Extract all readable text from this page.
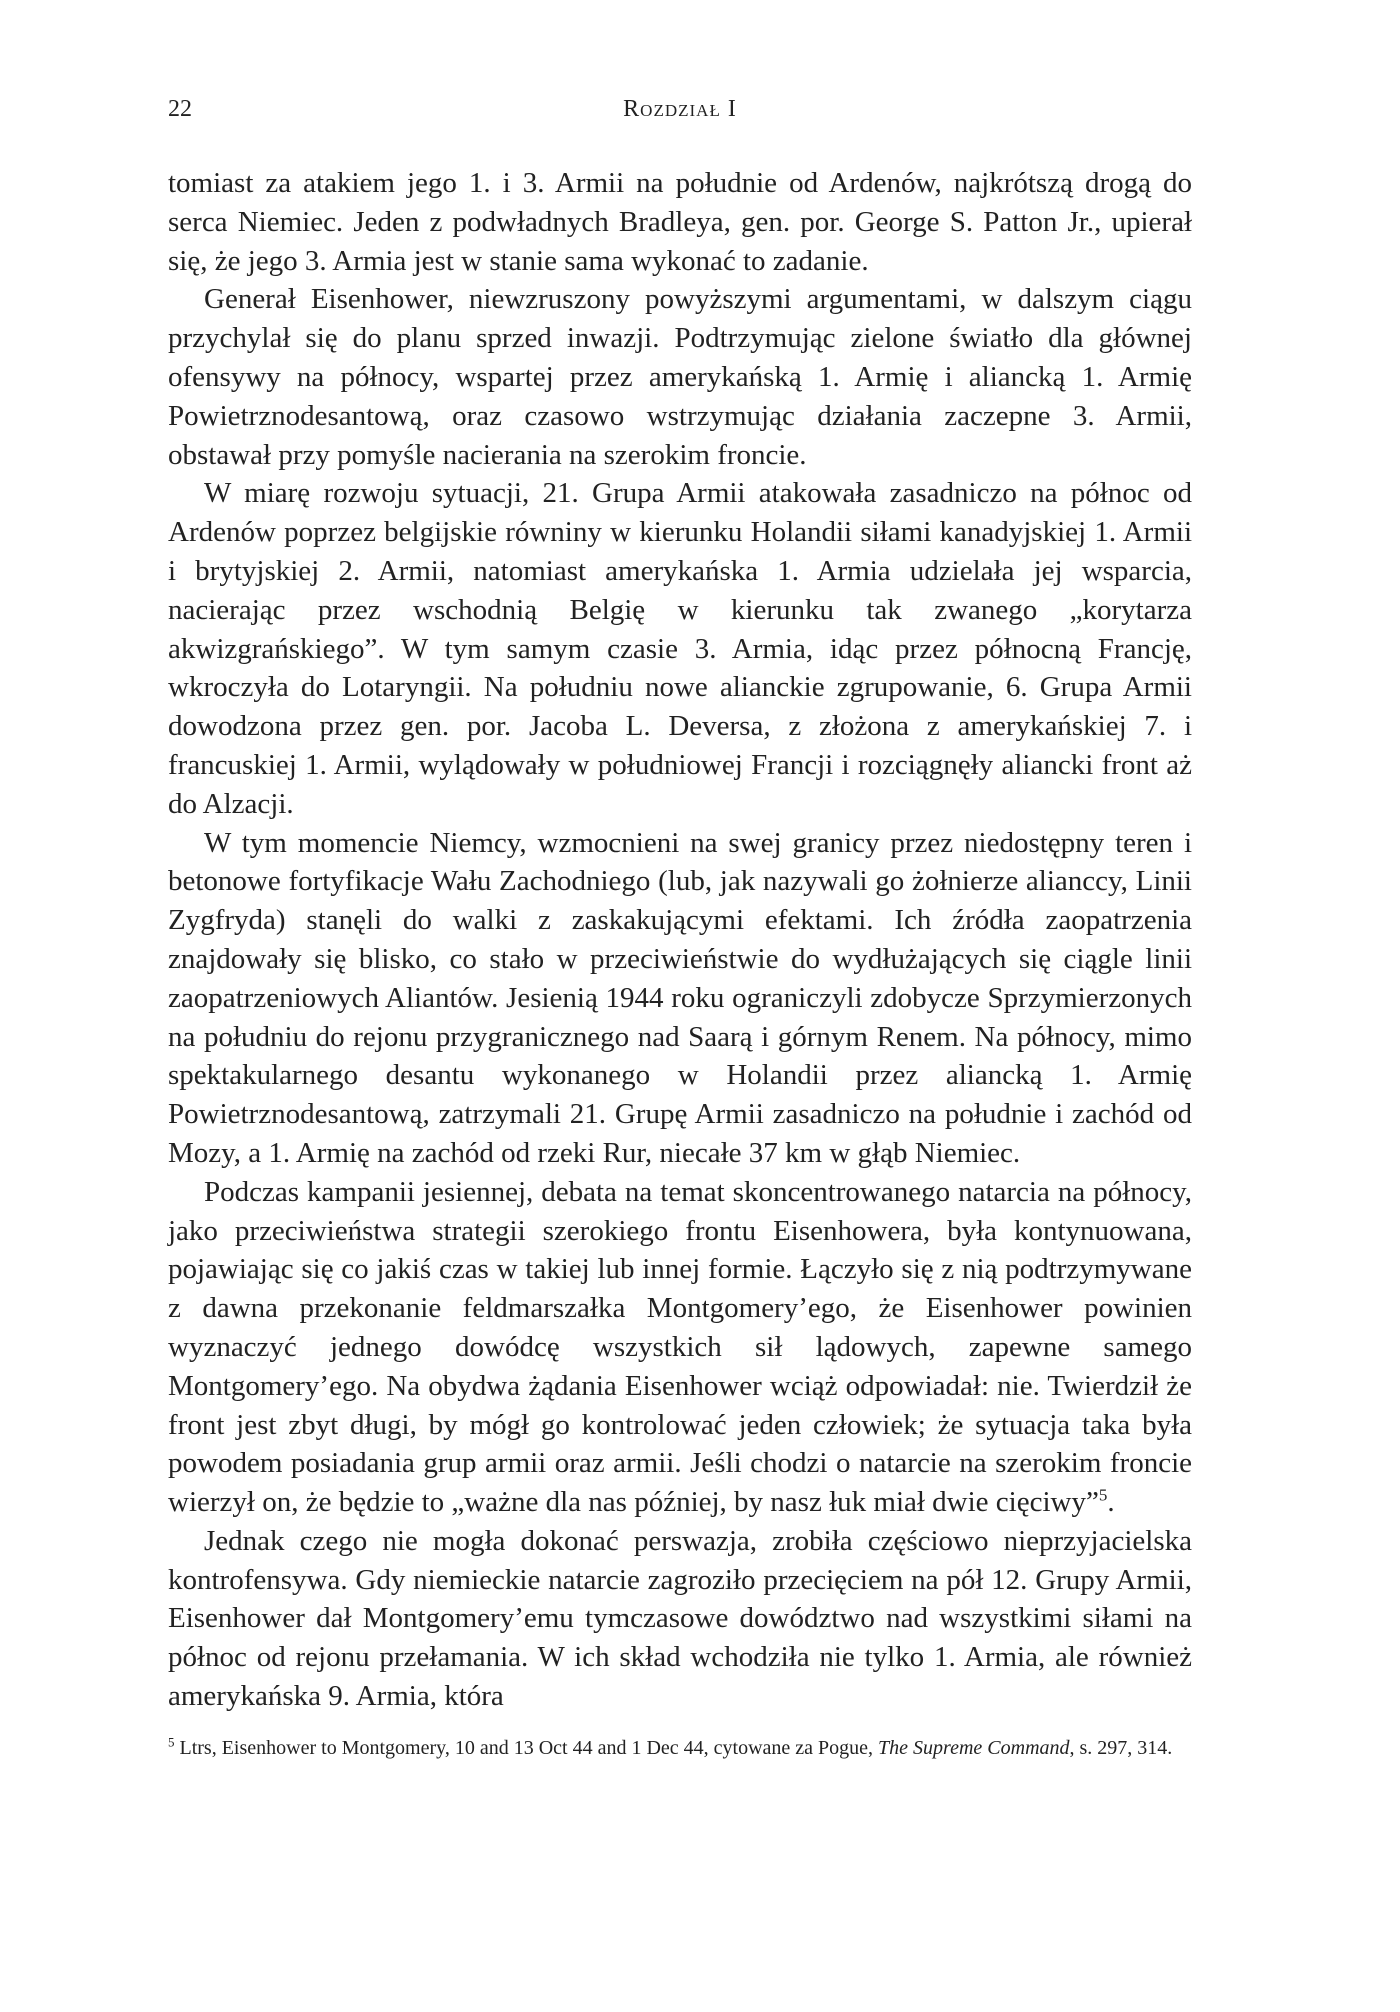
22	Rozdział I

tomiast za atakiem jego 1. i 3. Armii na południe od Ardenów, najkrótszą drogą do serca Niemiec. Jeden z podwładnych Bradleya, gen. por. George S. Patton Jr., upierał się, że jego 3. Armia jest w stanie sama wykonać to zadanie.

Generał Eisenhower, niewzruszony powyższymi argumentami, w dalszym ciągu przychylał się do planu sprzed inwazji. Podtrzymując zielone światło dla głównej ofensywy na północy, wspartej przez amerykańską 1. Armię i aliancką 1. Armię Powietrznodesantową, oraz czasowo wstrzymując działania zaczepne 3. Armii, obstawał przy pomyśle nacierania na szerokim froncie.

W miarę rozwoju sytuacji, 21. Grupa Armii atakowała zasadniczo na północ od Ardenów poprzez belgijskie równiny w kierunku Holandii siłami kanadyjskiej 1. Armii i brytyjskiej 2. Armii, natomiast amerykańska 1. Armia udzielała jej wsparcia, nacierając przez wschodnią Belgię w kierunku tak zwanego „korytarza akwizgrańskiego”. W tym samym czasie 3. Armia, idąc przez północną Francję, wkroczyła do Lotaryngii. Na południu nowe alianckie zgrupowanie, 6. Grupa Armii dowodzona przez gen. por. Jacoba L. Deversa, z złożona z amerykańskiej 7. i francuskiej 1. Armii, wylądowały w południowej Francji i rozciągnęły aliancki front aż do Alzacji.

W tym momencie Niemcy, wzmocnieni na swej granicy przez niedostępny teren i betonowe fortyfikacje Wału Zachodniego (lub, jak nazywali go żołnierze alianccy, Linii Zygfryda) stanęli do walki z zaskakującymi efektami. Ich źródła zaopatrzenia znajdowały się blisko, co stało w przeciwieństwie do wydłużających się ciągle linii zaopatrzeniowych Aliantów. Jesienią 1944 roku ograniczyli zdobycze Sprzymierzonych na południu do rejonu przygranicznego nad Saarą i górnym Renem. Na północy, mimo spektakularnego desantu wykonanego w Holandii przez aliancką 1. Armię Powietrznodesantową, zatrzymali 21. Grupę Armii zasadniczo na południe i zachód od Mozy, a 1. Armię na zachód od rzeki Rur, niecałe 37 km w głąb Niemiec.

Podczas kampanii jesiennej, debata na temat skoncentrowanego natarcia na północy, jako przeciwieństwa strategii szerokiego frontu Eisenhowera, była kontynuowana, pojawiając się co jakiś czas w takiej lub innej formie. Łączyło się z nią podtrzymywane z dawna przekonanie feldmarszałka Montgomery’ego, że Eisenhower powinien wyznaczyć jednego dowódcę wszystkich sił lądowych, zapewne samego Montgomery’ego. Na obydwa żądania Eisenhower wciąż odpowiadał: nie. Twierdził że front jest zbyt długi, by mógł go kontrolować jeden człowiek; że sytuacja taka była powodem posiadania grup armii oraz armii. Jeśli chodzi o natarcie na szerokim froncie wierzył on, że będzie to „ważne dla nas później, by nasz łuk miał dwie cięciwy”$^5$.

Jednak czego nie mogła dokonać perswazja, zrobiła częściowo nieprzyjacielska kontrofensywa. Gdy niemieckie natarcie zagroziło przecięciem na pół 12. Grupy Armii, Eisenhower dał Montgomery’emu tymczasowe dowództwo nad wszystkimi siłami na północ od rejonu przełamania. W ich skład wchodziła nie tylko 1. Armia, ale również amerykańska 9. Armia, która

$^5$ Ltrs, Eisenhower to Montgomery, 10 and 13 Oct 44 and 1 Dec 44, cytowane za Pogue, The Supreme Command, s. 297, 314.
